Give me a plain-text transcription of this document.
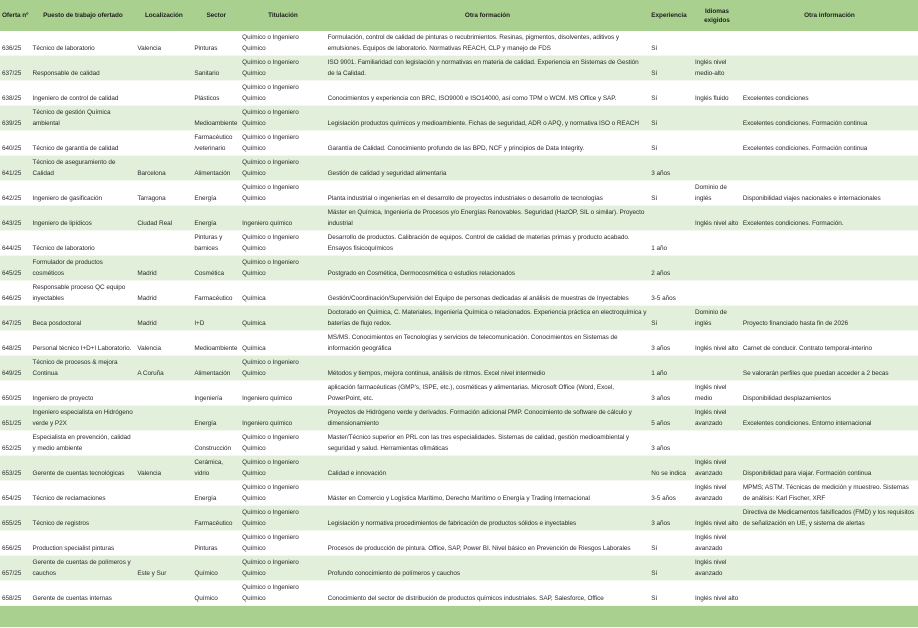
Oferta nº	Puesto de trabajo ofertado	Localización	Sector	Titulación	Otra formación	Experiencia	Idiomas exigidos	Otra información
636/25	Técnico de laboratorio	Valencia	Pinturas	Químico o Ingeniero Químico	Formulación, control de calidad de pinturas o recubrimientos. Resinas, pigmentos, disolventes, aditivos y emulsiones. Equipos de laboratorio. Normativas REACH, CLP y manejo de FDS	Sí		
637/25	Responsable de calidad		Sanitario	Químico o Ingeniero Químico	ISO 9001. Familiaridad con legislación y normativas en materia de calidad. Experiencia en Sistemas de Gestión de la Calidad.	Sí	Inglés nivel medio-alto	
638/25	Ingeniero de control de calidad		Plásticos	Químico o Ingeniero Químico	Conocimientos y experiencia con BRC, ISO9000 e ISO14000, así como TPM o WCM. MS Office y SAP.	Sí	Inglés fluido	Excelentes condiciones
639/25	Técnico de gestión Química ambiental		Medioambiente	Químico o Ingeniero Químico	Legislación productos químicos y medioambiente. Fichas de seguridad, ADR o APQ, y normativa ISO o REACH	Sí		Excelentes condiciones. Formación continua
640/25	Técnico de garantía de calidad		Farmacéutico /veterinario	Químico o Ingeniero Químico	Garantía de Calidad. Conocimiento profundo de las BPD, NCF y principios de Data Integrity.	Sí		Excelentes condiciones. Formación continua
641/25	Técnico de aseguramiento de Calidad	Barcelona	Alimentación	Químico o Ingeniero Químico	Gestión de calidad y seguridad alimentaria	3 años		
642/25	Ingeniero de gasificación	Tarragona	Energía	Químico o Ingeniero Químico	Planta industrial o ingenierías en el desarrollo de proyectos industriales o desarrollo de tecnologías	Sí	Dominio de inglés	Disponibilidad viajes nacionales e internacionales
643/25	Ingeniero de lipídicos	Ciudad Real	Energía	Ingeniero químico	Máster en Química, Ingeniería de Procesos y/o Energías Renovables. Seguridad (HazOP, SIL o similar). Proyecto industrial		Inglés nivel alto	Excelentes condiciones. Formación.
644/25	Técnico de laboratorio		Pinturas y barnices	Químico o Ingeniero Químico	Desarrollo de productos. Calibración de equipos. Control de calidad de materias primas y producto acabado. Ensayos fisicoquímicos	1 año		
645/25	Formulador de productos cosméticos	Madrid	Cosmética	Químico o Ingeniero Químico	Postgrado en Cosmética, Dermocosmética o estudios relacionados	2 años		
646/25	Responsable proceso QC equipo inyectables	Madrid	Farmacéutico	Química	Gestión/Coordinación/Supervisión del Equipo de personas dedicadas al análisis de muestras de Inyectables	3-5 años		
647/25	Beca posdoctoral	Madrid	I+D	Química	Doctorado en Química, C. Materiales, Ingeniería Química o relacionados. Experiencia práctica en electroquímica y baterías de flujo redox.	Sí	Dominio de inglés	Proyecto financiado hasta fin de 2026
648/25	Personal técnico I+D+I Laboratorio.	Valencia	Medioambiente	Química	MS/MS. Conocimientos en Tecnologías y servicios de telecomunicación. Conocimientos en Sistemas de información geográfica	3 años	Inglés nivel alto	Carnet de conducir. Contrato temporal-interino
649/25	Técnico de procesos & mejora Continua	A Coruña	Alimentación	Químico o Ingeniero Químico	Métodos y tiempos, mejora continua, análisis de ritmos. Excel nivel intermedio	1 año		Se valorarán perfiles que puedan acceder a 2 becas
650/25	Ingeniero de proyecto		Ingeniería	Ingeniero químico	aplicación farmacéuticas (GMP's, ISPE, etc.), cosméticas y alimentarias. Microsoft Office (Word, Excel, PowerPoint, etc.	3 años	Inglés nivel medio	Disponibilidad desplazamientos
651/25	Ingeniero especialista en Hidrógeno verde y P2X		Energía	Ingeniero químico	Proyectos de Hidrógeno verde y derivados. Formación adicional PMP. Conocimiento de software de cálculo y dimensionamiento	5 años	Inglés nivel avanzado	Excelentes condiciones. Entorno internacional
652/25	Especialista en prevención, calidad y medio ambiente		Construcción	Químico o Ingeniero Químico	Master/Técnico superior en PRL con las tres especialidades. Sistemas de calidad, gestión medioambiental y seguridad y salud. Herramientas ofimáticas	3 años		
653/25	Gerente de cuentas tecnológicas	Valencia	Cerámica, vidrio	Químico o Ingeniero Químico	Calidad e innovación	No se indica	Inglés nivel avanzado	Disponibilidad para viajar. Formación continua
654/25	Técnico de reclamaciones		Energía	Químico o Ingeniero Químico	Máster en Comercio y Logística Marítimo, Derecho Marítimo o Energía y Trading Internacional	3-5 años	Inglés nivel avanzado	MPMS; ASTM. Técnicas de medición y muestreo. Sistemas de análisis: Karl Fischer, XRF
655/25	Técnico de registros		Farmacéutico	Químico o Ingeniero Químico	Legislación y normativa procedimientos de fabricación de productos sólidos e inyectables	3 años	Inglés nivel alto	Directiva de Medicamentos falsificados (FMD) y los requisitos de señalización en UE, y sistema de alertas
656/25	Production specialist pinturas		Pinturas	Químico o Ingeniero Químico	Procesos de producción de pintura. Office, SAP, Power BI. Nivel básico en Prevención de Riesgos Laborales	Sí	Inglés nivel avanzado	
657/25	Gerente de cuentas de polímeros y cauchos	Este y Sur	Químico	Químico o Ingeniero Químico	Profundo conocimiento de polímeros y cauchos	Sí	Inglés nivel avanzado	
658/25	Gerente de cuentas internas		Químico	Químico o Ingeniero Químico	Conocimiento del sector de distribución de productos químicos industriales. SAP, Salesforce, Office	Sí	Inglés nivel alto	
